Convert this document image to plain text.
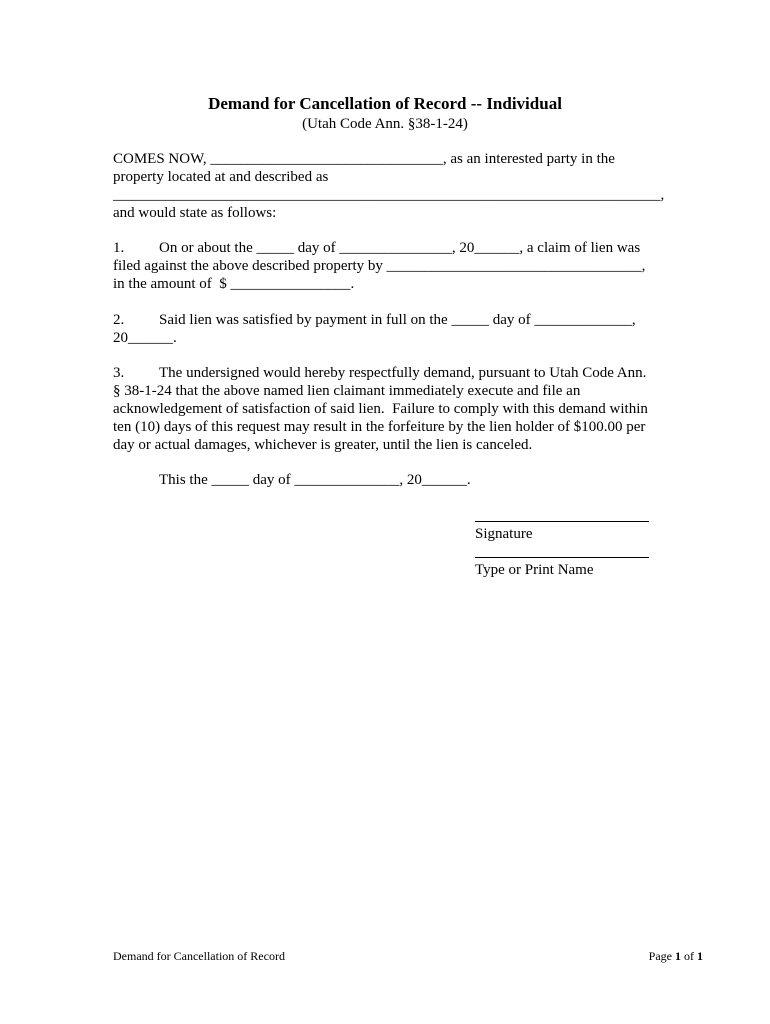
Demand for Cancellation of Record -- Individual
(Utah Code Ann. §38-1-24)
COMES NOW, _______________________________, as an interested party in the
property located at and described as
_________________________________________________________________________,
and would state as follows:
1. On or about the _____ day of _______________, 20______, a claim of lien was
filed against the above described property by __________________________________,
in the amount of  $ ________________.
2. Said lien was satisfied by payment in full on the _____ day of _____________,
20______.
3. The undersigned would hereby respectfully demand, pursuant to Utah Code Ann.
§ 38-1-24 that the above named lien claimant immediately execute and file an
acknowledgement of satisfaction of said lien.  Failure to comply with this demand within
ten (10) days of this request may result in the forfeiture by the lien holder of $100.00 per
day or actual damages, whichever is greater, until the lien is canceled.
This the _____ day of ______________, 20______.
Signature
Type or Print Name
Demand for Cancellation of Record	Page 1 of 1
